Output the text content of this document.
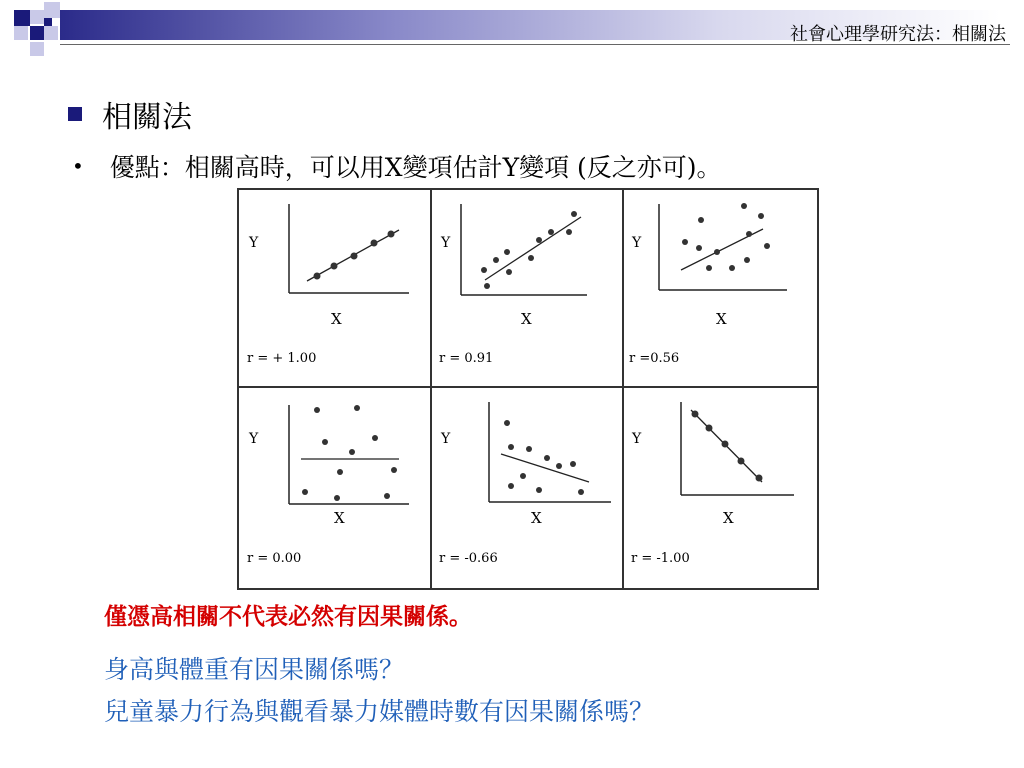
社會心理學研究法：相關法
相關法
• 優點：相關高時，可以用X變項估計Y變項 (反之亦可)。
Y
X
r = + 1.00
Y
X
r = 0.91
Y
X
r =0.56
Y
X
r = 0.00
Y
X
r = -0.66
Y
X
r = -1.00
僅憑高相關不代表必然有因果關係。
身高與體重有因果關係嗎？
兒童暴力行為與觀看暴力媒體時數有因果關係嗎？
